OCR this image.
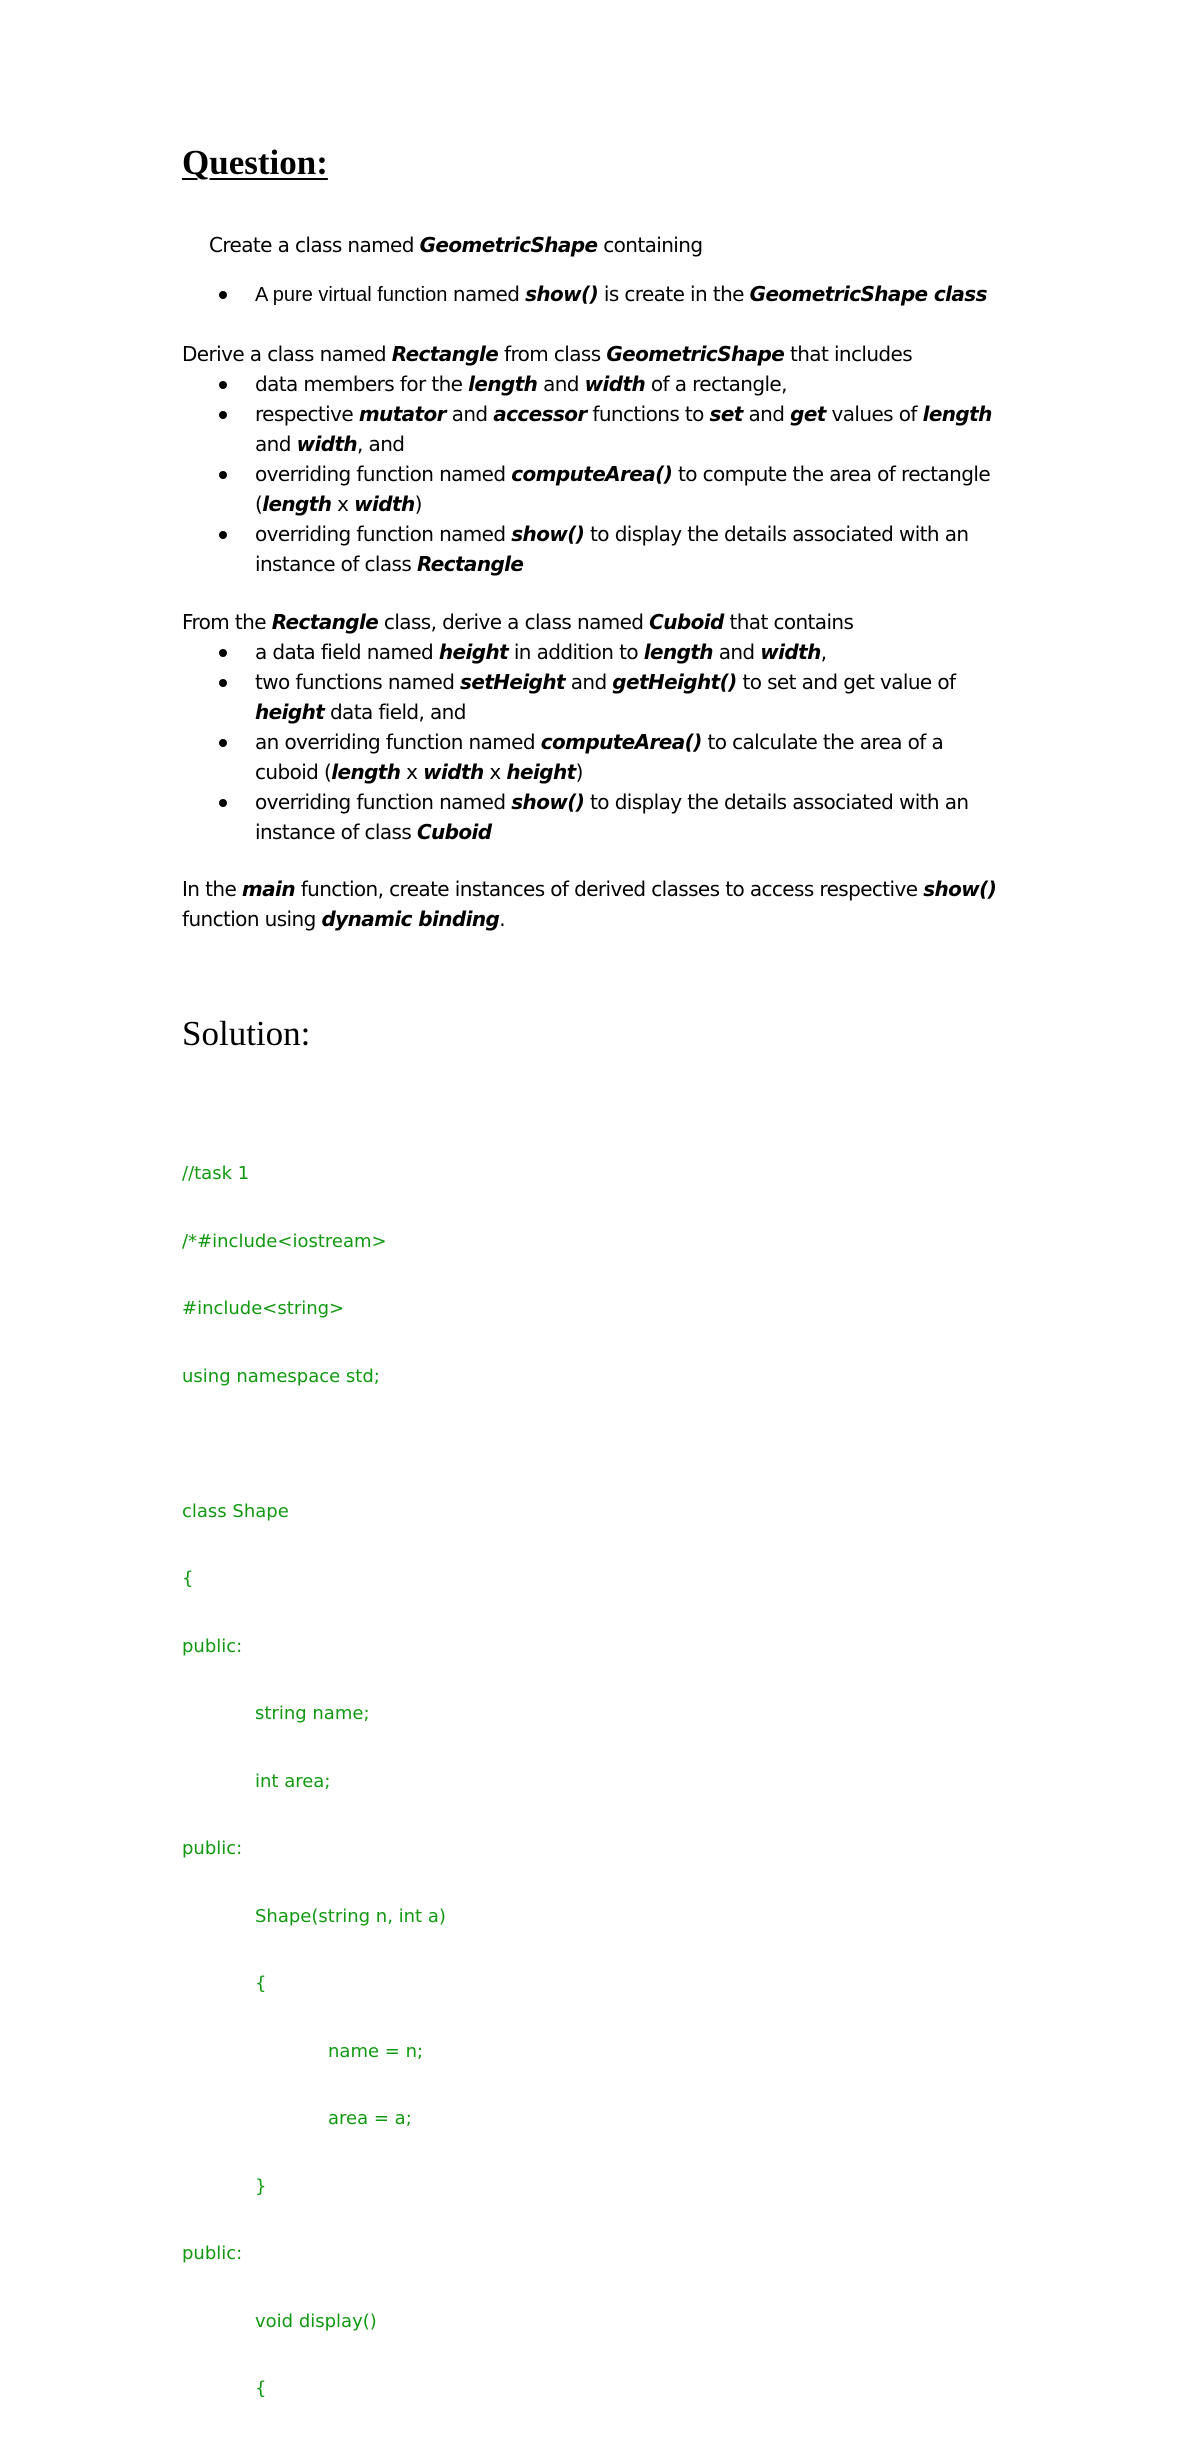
Question:

Create a class named GeometricShape containing

A pure virtual function named show() is create in the GeometricShape class

Derive a class named Rectangle from class GeometricShape that includes

data members for the length and width of a rectangle,
respective mutator and accessor functions to set and get values of length
and width, and
overriding function named computeArea() to compute the area of rectangle
(length x width)
overriding function named show() to display the details associated with an
instance of class Rectangle

From the Rectangle class, derive a class named Cuboid that contains

a data field named height in addition to length and width,
two functions named setHeight and getHeight() to set and get value of
height data field, and
an overriding function named computeArea() to calculate the area of a
cuboid (length x width x height)
overriding function named show() to display the details associated with an
instance of class Cuboid

In the main function, create instances of derived classes to access respective show()
function using dynamic binding.

Solution:

//task 1

/*#include<iostream>

#include<string>

using namespace std;

class Shape

{

public:

string name;

int area;

public:

Shape(string n, int a)

{

name = n;

area = a;

}

public:

void display()

{
